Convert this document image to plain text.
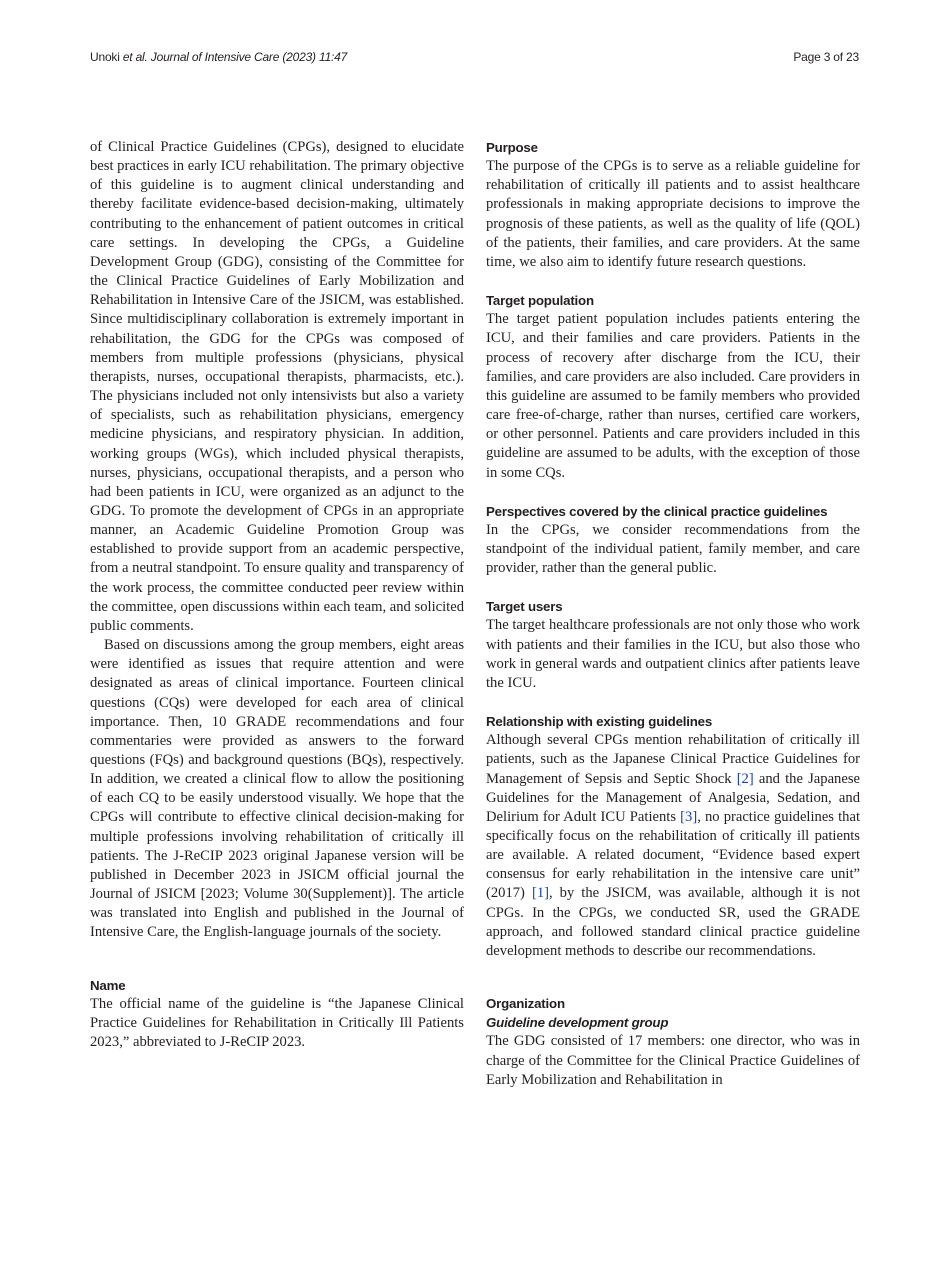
Unoki et al. Journal of Intensive Care (2023) 11:47	Page 3 of 23

of Clinical Practice Guidelines (CPGs), designed to elucidate best practices in early ICU rehabilitation. The primary objective of this guideline is to augment clinical understanding and thereby facilitate evidence-based decision-making, ultimately contributing to the enhancement of patient outcomes in critical care settings. In developing the CPGs, a Guideline Development Group (GDG), consisting of the Committee for the Clinical Practice Guidelines of Early Mobilization and Rehabilitation in Intensive Care of the JSICM, was established. Since multidisciplinary collaboration is extremely important in rehabilitation, the GDG for the CPGs was composed of members from multiple professions (physicians, physical therapists, nurses, occupational therapists, pharmacists, etc.). The physicians included not only intensivists but also a variety of specialists, such as rehabilitation physicians, emergency medicine physicians, and respiratory physician. In addition, working groups (WGs), which included physical therapists, nurses, physicians, occupational therapists, and a person who had been patients in ICU, were organized as an adjunct to the GDG. To promote the development of CPGs in an appropriate manner, an Academic Guideline Promotion Group was established to provide support from an academic perspective, from a neutral standpoint. To ensure quality and transparency of the work process, the committee conducted peer review within the committee, open discussions within each team, and solicited public comments.

Based on discussions among the group members, eight areas were identified as issues that require attention and were designated as areas of clinical importance. Fourteen clinical questions (CQs) were developed for each area of clinical importance. Then, 10 GRADE recommendations and four commentaries were provided as answers to the forward questions (FQs) and background questions (BQs), respectively. In addition, we created a clinical flow to allow the positioning of each CQ to be easily understood visually. We hope that the CPGs will contribute to effective clinical decision-making for multiple professions involving rehabilitation of critically ill patients. The J-ReCIP 2023 original Japanese version will be published in December 2023 in JSICM official journal the Journal of JSICM [2023; Volume 30(Supplement)]. The article was translated into English and published in the Journal of Intensive Care, the English-language journals of the society.

Name

The official name of the guideline is “the Japanese Clinical Practice Guidelines for Rehabilitation in Critically Ill Patients 2023,” abbreviated to J-ReCIP 2023.

Purpose

The purpose of the CPGs is to serve as a reliable guideline for rehabilitation of critically ill patients and to assist healthcare professionals in making appropriate decisions to improve the prognosis of these patients, as well as the quality of life (QOL) of the patients, their families, and care providers. At the same time, we also aim to identify future research questions.

Target population

The target patient population includes patients entering the ICU, and their families and care providers. Patients in the process of recovery after discharge from the ICU, their families, and care providers are also included. Care providers in this guideline are assumed to be family members who provided care free-of-charge, rather than nurses, certified care workers, or other personnel. Patients and care providers included in this guideline are assumed to be adults, with the exception of those in some CQs.

Perspectives covered by the clinical practice guidelines

In the CPGs, we consider recommendations from the standpoint of the individual patient, family member, and care provider, rather than the general public.

Target users

The target healthcare professionals are not only those who work with patients and their families in the ICU, but also those who work in general wards and outpatient clinics after patients leave the ICU.

Relationship with existing guidelines

Although several CPGs mention rehabilitation of critically ill patients, such as the Japanese Clinical Practice Guidelines for Management of Sepsis and Septic Shock [2] and the Japanese Guidelines for the Management of Analgesia, Sedation, and Delirium for Adult ICU Patients [3], no practice guidelines that specifically focus on the rehabilitation of critically ill patients are available. A related document, “Evidence based expert consensus for early rehabilitation in the intensive care unit” (2017) [1], by the JSICM, was available, although it is not CPGs. In the CPGs, we conducted SR, used the GRADE approach, and followed standard clinical practice guideline development methods to describe our recommendations.

Organization
Guideline development group

The GDG consisted of 17 members: one director, who was in charge of the Committee for the Clinical Practice Guidelines of Early Mobilization and Rehabilitation in
